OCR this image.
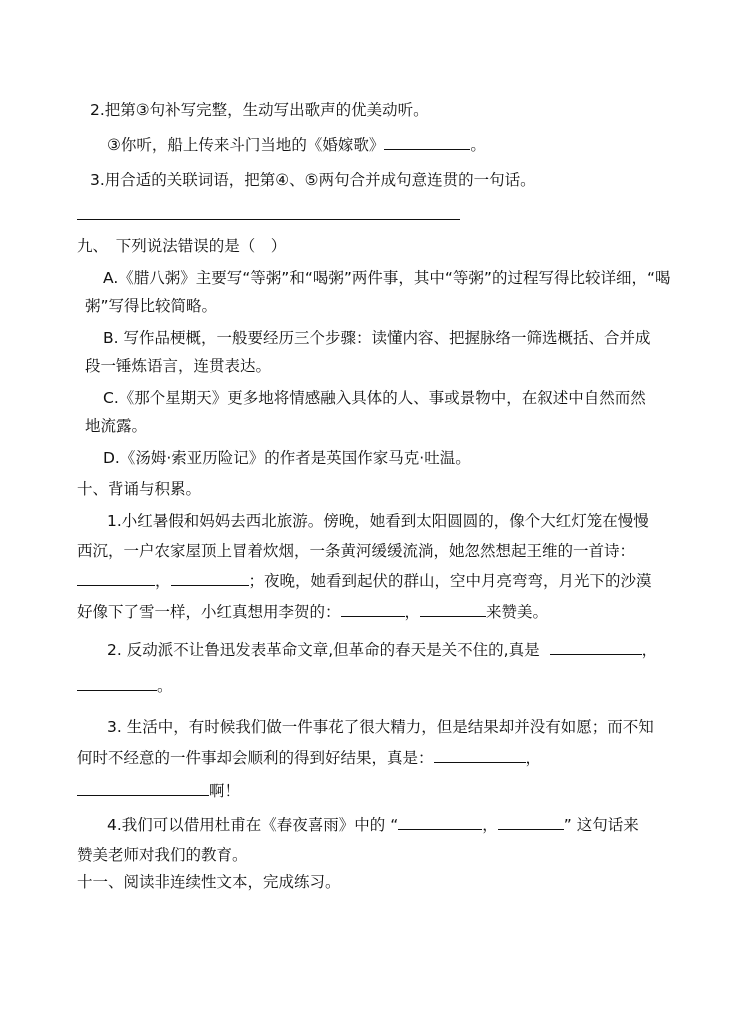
2.把第③句补写完整，生动写出歌声的优美动听。
③你听，船上传来斗门当地的《婚嫁歌》	。
3.用合适的关联词语，把第④、⑤两句合并成句意连贯的一句话。
九、　下列说法错误的是（　）
A.《腊八粥》主要写“等粥”和“喝粥”两件事，其中“等粥”的过程写得比较详细，“喝
粥”写得比较简略。
B. 写作品梗概，一般要经历三个步骤：读懂内容、把握脉络一筛选概括、合并成
段一锤炼语言，连贯表达。
C.《那个星期天》更多地将情感融入具体的人、事或景物中，在叙述中自然而然
地流露。
D.《汤姆·索亚历险记》的作者是英国作家马克·吐温。
十、背诵与积累。
1.小红暑假和妈妈去西北旅游。傍晚，她看到太阳圆圆的，像个大红灯笼在慢慢
西沉，一户农家屋顶上冒着炊烟，一条黄河缓缓流淌，她忽然想起王维的一首诗：
，	；夜晚，她看到起伏的群山，空中月亮弯弯，月光下的沙漠
好像下了雪一样，小红真想用李贺的：	，	来赞美。
2. 反动派不让鲁迅发表革命文章,但革命的春天是关不住的,真是	，
。
3. 生活中，有时候我们做一件事花了很大精力，但是结果却并没有如愿；而不知
何时不经意的一件事却会顺利的得到好结果，真是：	，
啊！
4.我们可以借用杜甫在《春夜喜雨》中的 “	，	” 这句话来
赞美老师对我们的教育。
十一、阅读非连续性文本，完成练习。
